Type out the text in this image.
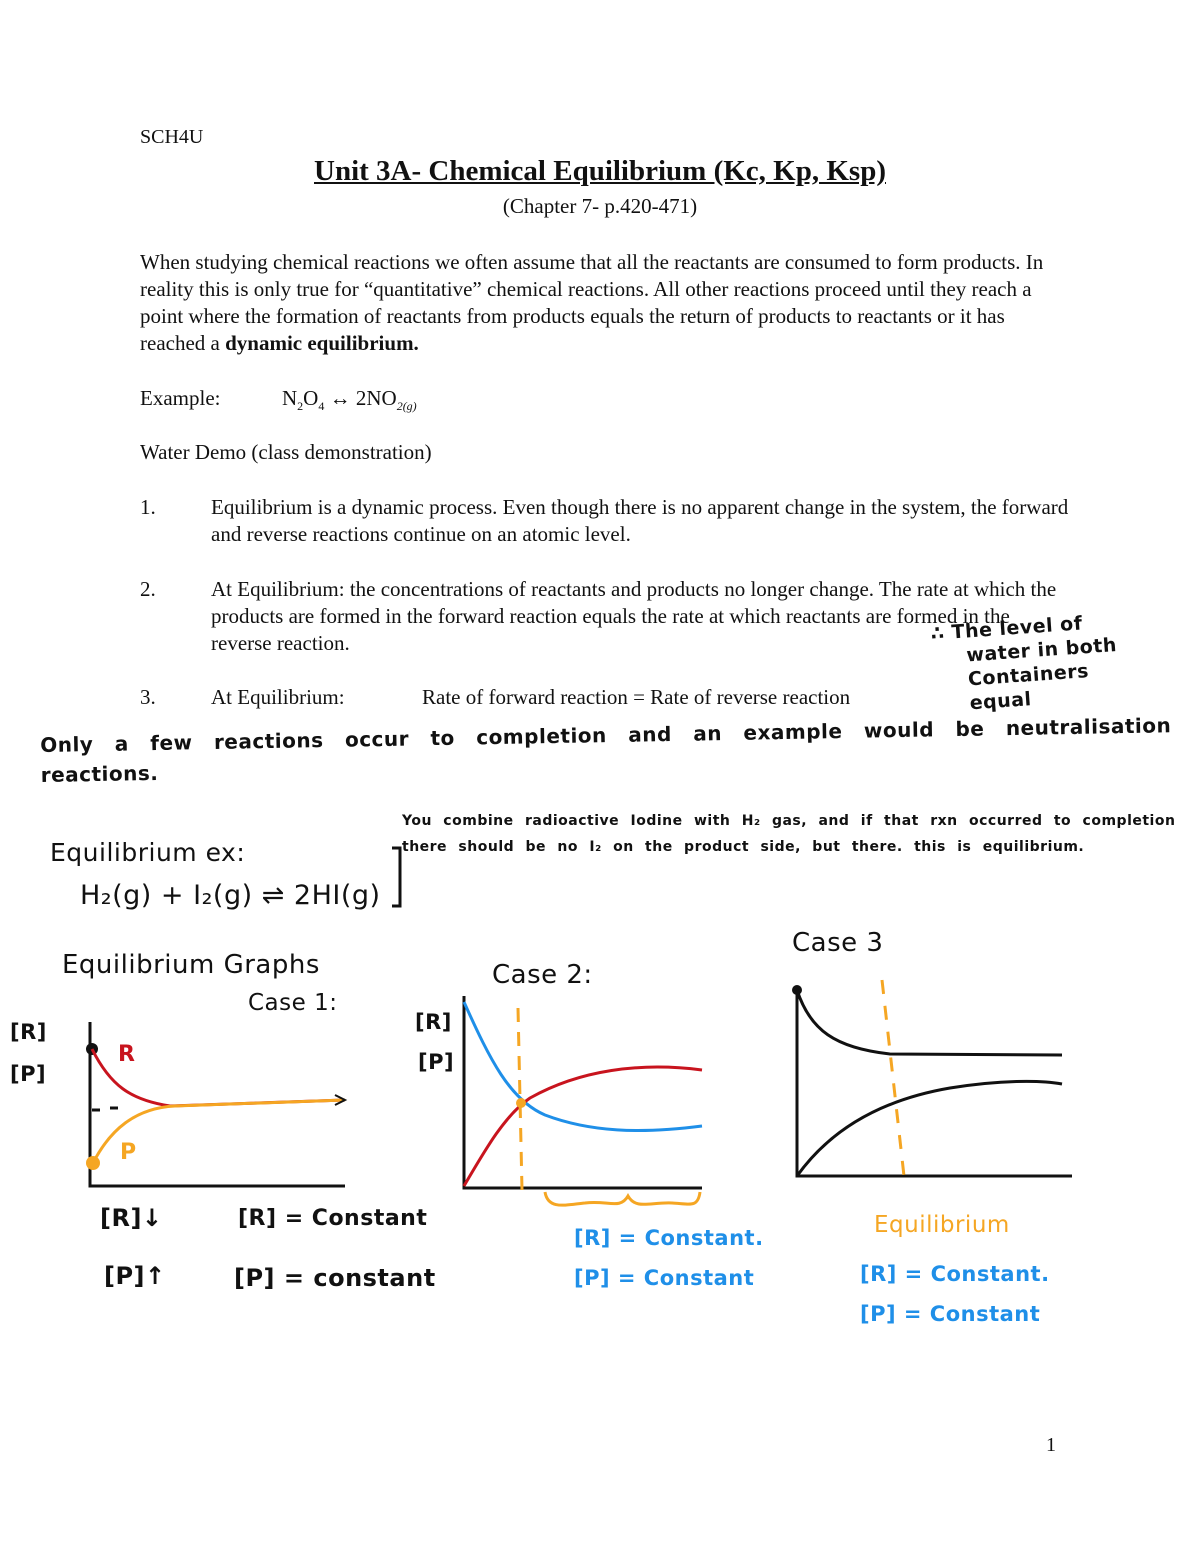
SCH4U
Unit 3A- Chemical Equilibrium (Kc, Kp, Ksp)
(Chapter 7- p.420-471)
When studying chemical reactions we often assume that all the reactants are consumed to form products. In reality this is only true for “quantitative” chemical reactions. All other reactions proceed until they reach a point where the formation of reactants from products equals the return of products to reactants or it has reached a dynamic equilibrium.
Example:	$N_2O_4$ ↔ $2NO_{2(g)}$
Water Demo (class demonstration)
1.	Equilibrium is a dynamic process. Even though there is no apparent change in the system, the forward and reverse reactions continue on an atomic level.
2.	At Equilibrium: the concentrations of reactants and products no longer change. The rate at which the products are formed in the forward reaction equals the rate at which reactants are formed in the reverse reaction.
3.	At Equilibrium:	Rate of forward reaction = Rate of reverse reaction
∴ The level of
water in both Containers
equal
Only a few reactions occur to completion and an example would be neutralisation
reactions.
Equilibrium ex:
H₂(g) + I₂(g) ⇌ 2HI(g)
You combine radioactive Iodine with H₂ gas, and if that rxn occurred to completion
there should be no I₂ on the product side, but there. this is equilibrium.
Equilibrium Graphs
Case 1:
Case 2:
Case 3
[R]
[P]
R
P
[R]
[P]
[R]↓
[P]↑
[R] = Constant
[P] = constant
[R] = Constant.
[P] = Constant
Equilibrium
[R] = Constant.
[P] = Constant
1
